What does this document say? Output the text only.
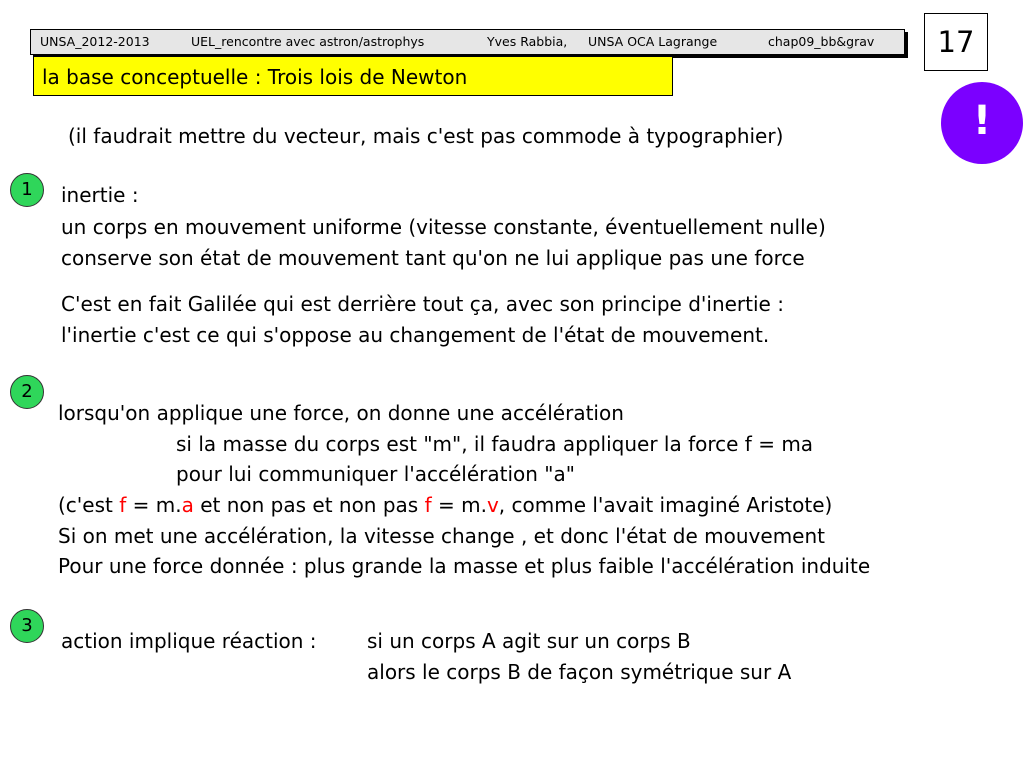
UNSA_2012-2013	UEL_rencontre avec astron/astrophys	Yves Rabbia, UNSA OCA Lagrange	chap09_bb&grav	17
la base conceptuelle : Trois lois de Newton
!
(il faudrait mettre du vecteur, mais c'est pas commode à typographier)
1	inertie :
un corps en mouvement uniforme (vitesse constante, éventuellement nulle)
conserve son état de mouvement tant qu'on ne lui applique pas une force
C'est en fait Galilée qui est derrière tout ça, avec son principe d'inertie :
l'inertie c'est ce qui s'oppose au changement de l'état de mouvement.
2
lorsqu'on applique une force, on donne une accélération
si la masse du corps est "m", il faudra appliquer la force f = ma
pour lui communiquer l'accélération "a"
(c'est f = m.a et non pas et non pas f = m.v, comme l'avait imaginé Aristote)
Si on met une accélération, la vitesse change , et donc l'état de mouvement
Pour une force donnée : plus grande la masse et plus faible l'accélération induite
3
action implique réaction :	si un corps A agit sur un corps B
alors le corps B de façon symétrique sur A
